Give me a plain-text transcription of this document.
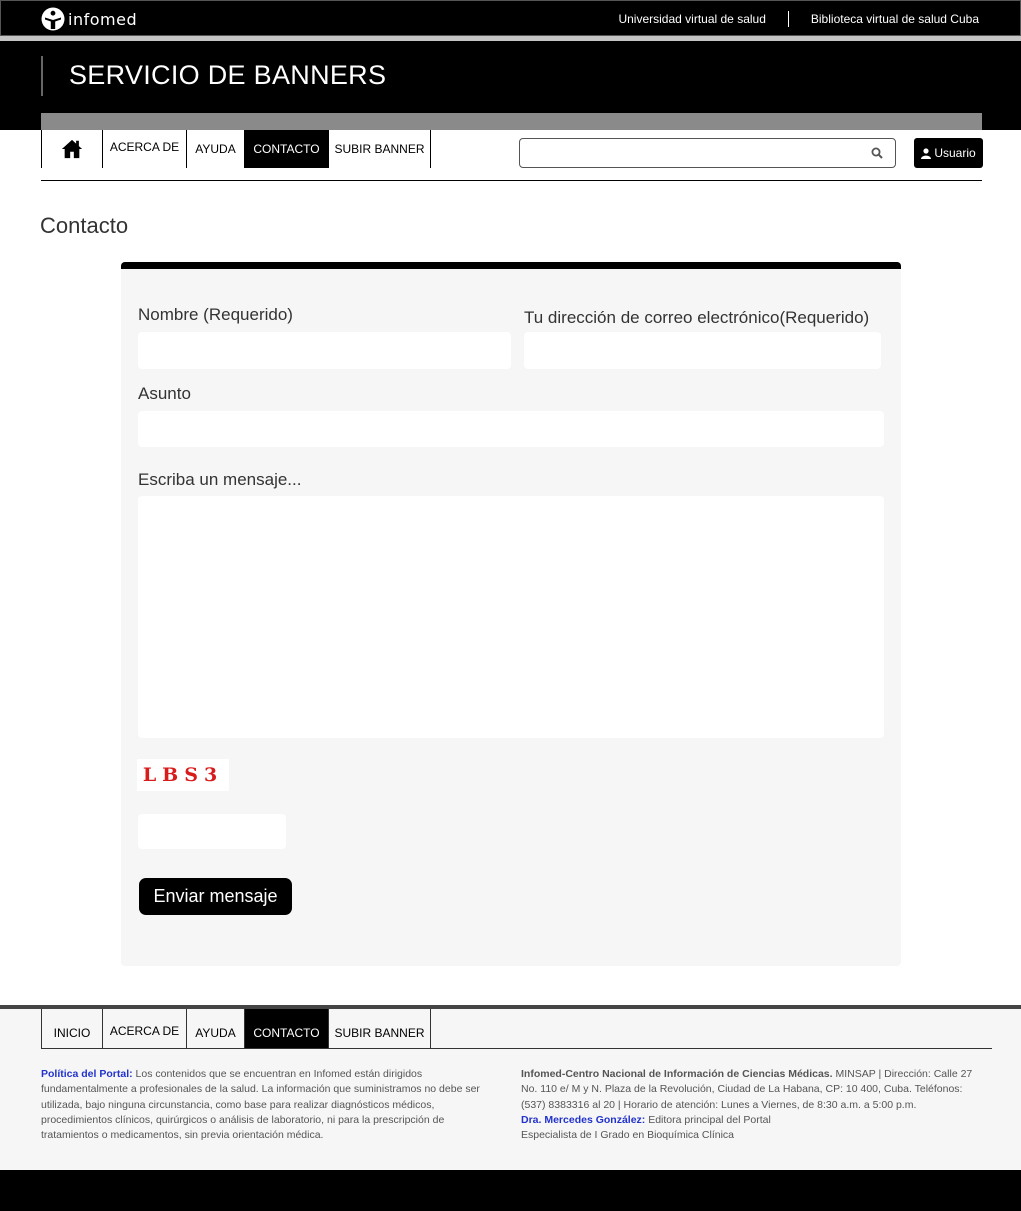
infomed	Universidad virtual de salud	Biblioteca virtual de salud Cuba
SERVICIO DE BANNERS
ACERCA DE	AYUDA	CONTACTO	SUBIR BANNER	Usuario
Contacto
Nombre (Requerido)	Tu dirección de correo electrónico(Requerido)
Asunto
Escriba un mensaje...
LBS3
Enviar mensaje
INICIO	ACERCA DE	AYUDA	CONTACTO	SUBIR BANNER
Política del Portal: Los contenidos que se encuentran en Infomed están dirigidos fundamentalmente a profesionales de la salud. La información que suministramos no debe ser utilizada, bajo ninguna circunstancia, como base para realizar diagnósticos médicos, procedimientos clínicos, quirúrgicos o análisis de laboratorio, ni para la prescripción de tratamientos o medicamentos, sin previa orientación médica.
Infomed-Centro Nacional de Información de Ciencias Médicas. MINSAP | Dirección: Calle 27 No. 110 e/ M y N. Plaza de la Revolución, Ciudad de La Habana, CP: 10 400, Cuba. Teléfonos: (537) 8383316 al 20 | Horario de atención: Lunes a Viernes, de 8:30 a.m. a 5:00 p.m.
Dra. Mercedes González: Editora principal del Portal
Especialista de I Grado en Bioquímica Clínica
